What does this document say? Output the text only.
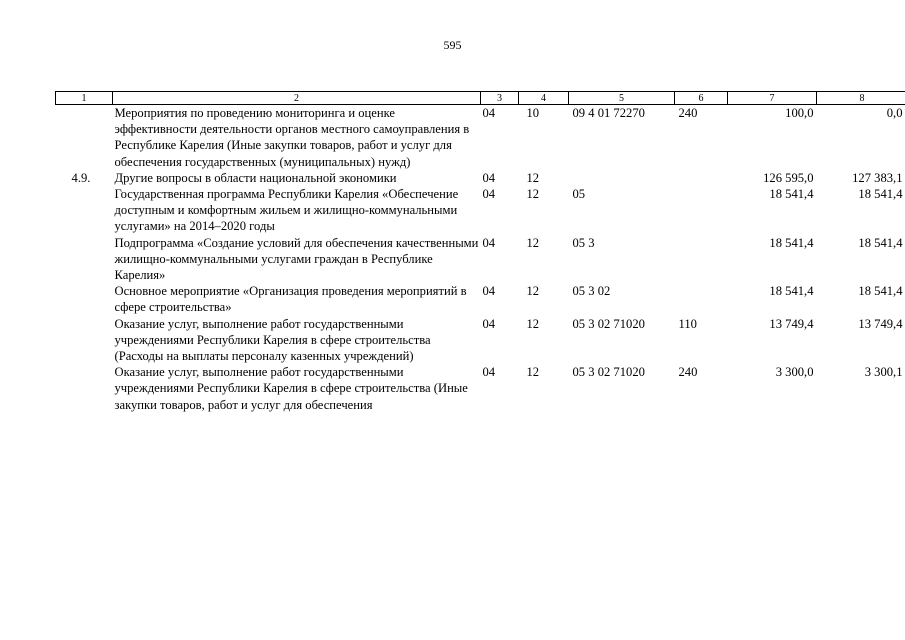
595
1	2	3	4	5	6	7	8
	Мероприятия по проведению мониторинга и оценке эффективности деятельности органов местного самоуправления в Республике Карелия (Иные закупки товаров, работ и услуг для обеспечения государственных (муниципальных) нужд)	04	10	09 4 01 72270	240	100,0	0,0
4.9.	Другие вопросы в области национальной экономики	04	12			126 595,0	127 383,1
	Государственная программа Республики Карелия «Обеспечение доступным и комфортным жильем и жилищно-коммунальными услугами» на 2014–2020 годы	04	12	05		18 541,4	18 541,4
	Подпрограмма «Создание условий для обеспечения качественными жилищно-коммунальными услугами граждан в Республике Карелия»	04	12	05 3		18 541,4	18 541,4
	Основное мероприятие «Организация проведения мероприятий в сфере строительства»	04	12	05 3 02		18 541,4	18 541,4
	Оказание услуг, выполнение работ государственными учреждениями Республики Карелия в сфере строительства (Расходы на выплаты персоналу казенных учреждений)	04	12	05 3 02 71020	110	13 749,4	13 749,4
	Оказание услуг, выполнение работ государственными учреждениями Республики Карелия в сфере строительства (Иные закупки товаров, работ и услуг для обеспечения	04	12	05 3 02 71020	240	3 300,0	3 300,1
